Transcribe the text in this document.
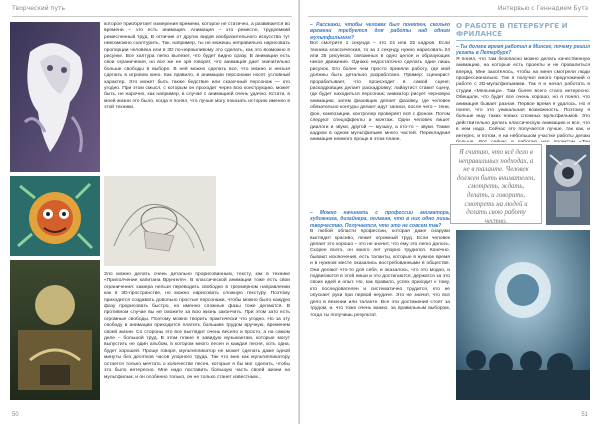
Творческий путь

которое приобретает измерения времени, которое не статично, а развивается во времени – это есть анимация. Анимация – это ремесло, трудоемкий ремесленный труд. В отличие от других видов изобразительного искусства тут невозможно схалтурить. Так, например, ты не можешь неправильно нарисовать пропорции человека или в 3D по-неряшливому это сделать, как это возможно в рисунке. Все халтура легко вылезет, что будет видно сразу. В анимации есть свои ограничения, но все же не зря говорят, что анимация дает значительно больше свободы в выборе. В ней можно сделать все, что можно и нельзя сделать в игровом кино. Как правило, в анимации персонажи носят условный характер. Это может быть также бедствие или сказочный персонаж — кто угодно. При этом смысл, с которым он проходит через всю конструкцию, может быть, не нарочно, как например, в случае с анимацией очень удачно. Кстати, в моей жизни это было, когда я понял, что лучше могу показать историю именно в этой техники.

Зло можно делать очень детально прорисованным, тексту, как в технике «Прилолчение капитана Врунгеля». В классической анимации тоже есть свои ограничения: камера нельзя переводить свободно в трехмерном направлении как в 3D-пространстве, но можно нарисовать сложную текстуру. Поэтому приходится создавать довольно простые персонажи, чтобы можно было каждую фазу прорисовать быстро, но именно сложные фазы тоже делаются. В противном случае вы не сможете за всю жизнь закончить. При этом зато есть огромные свободы. Поэтому можно творить практически что угодно. Но за эту свободу в анимации приходится платить большим трудом вручную, временем своей жизни. Со стороны это все выглядит очень весело и просто, а на самом деле – большой труд. В этом плане я завидую музыкантам, которые могут выпустить не один альбом, в котором много песен и каждая песня, хоть одна, будет хорошей. Проще говоря, мультипликатор не может сделать даже одной минуты без десятков часов упорного труда. Так что мне как мультипликатору остается только мечтать о количестве песен, которые я бы мог сделать, чтобы это было интересно. Мне надо поставить большую часть своей жизни на мультфильм, и он особенно только, он не только станет известным...

50
Интервью с Геннадием Бутэ

– Расскажи, чтобы человек был понятен, сколько времени требуется для работы над одним мультфильмом?

Вот смотрите 1 секунда – это 24 или 25 кадров. Если техника классическая, то за 1 секунду нужно нарисовать 24 или 25 рисунков, связанных в одно целое и образующих некое движение. Однако недостаточно сделать один лишь рисунок. Его более чем просто приняли работу, где мой должны быть детально разработано. Пример: сценарист прорабатывает, что происходит в самой сцене; раскадровщик делает раскадровку; лайаутист ставит сцену, где будет находиться персонаж; аниматор рисует черновую анимацию; затем фазовщик делает фазовку, где человек обязательно контуры делает идут записи, после чего – тени, фон, композиции, контролер проверяет всё с фоном. Потом следуют спецэффекты и монтаж. Одни человек пишет диалоги и звуки, другой — музыку, а кто-то – звуки. Также кадром в одном мультфильме много частей. Перекладная анимация немного проще в этом плане.

Я считаю, что всё дело в неправильных подходах, а не в таланте. Человек должен быть внимателен, смотреть, ждать, делать, и говорить, смотреть на людей и делать свою работу честно.

– Можно начинать с профессии аниматора, художника, дизайнера, полагая, что в них одно лишь творчество. Получается, что это не совсем так?

В любой области профессии, которая даже снаружи выглядит красиво, лежит огромный труд. Если человек делает это хорошо – это не значит, что ему это легко далось. Скорее всего, он много лет упорно трудился. Конечно, бывают исключения, есть таланты, которые в нужное время и в нужном месте оказались востребованными в обществе. Они делают что-то для себя, и оказалось, что это модно, и подвигаются в этой ниши и это достигаются, держатся за это своих идей и опыт. Но, как правило, успех приходит к тому, кто последователен и систематично трудится, кто не опускает руки при первой неудаче. Это не значит, что все дело в везении или таланте. Все эти достижения стоят за трудом, и, что тоже очень важно, за правильным выбором, тогда ты получишь результат.

О РАБОТЕ В ПЕТЕРБУРГЕ И ФРИЛАНСЕ

– Ты долгое время работал в Минске, почему решил уехать в Петербург?

Я понял, что там безопасно можно делать качественную анимацию, на которые есть проекты и не провалиться вперед. Мне захотелось, чтобы на меня смотрели люди профессионально. Так я получил много предложений о работе с 2D-мультфильмами. Так я и начал работать в студии «Мельница». Там более всего стало интересно. Обещали, что будет все очень хорошо, но я понял, что анимация бывает разная. Первое время я удалось. Но я понял, что это уникальная возможность. Поэтому я больше ищу таких новых сложных мультфильмов. Это действительно делать классическую анимацию и все, что в нем надо. Сейчас это получается лучше, так как, и интерес, и потом, я на небольшом участке работы делаю

51
